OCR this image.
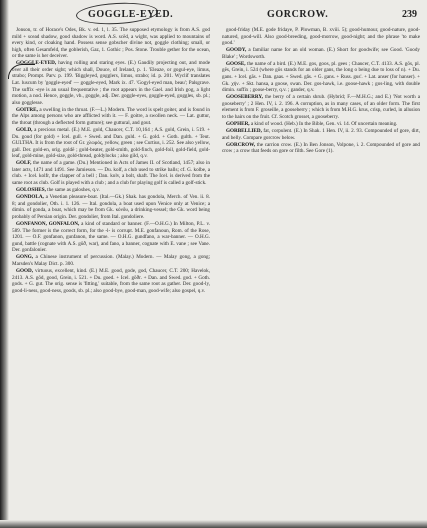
GOGGLE-EYED.	GORCROW.	239

Jonson, tr. of Horace's Odes, Bk. v. ed. 1, l. 35. The supposed etymology is from A.S. god mild + scead shadow, good shadow is word. A.S. scēd, a wight, was applied to mountains of every kind, or cloaking hand. Possess sense gobscher divine not, goggle clothing; small, or high, often Gesamfeld, the goblerish, Gaz, 1. Gothic ; Pos. Stone. Trouble gether for the ocean, or the same is her deceiver.

GOGGLE-EYED, having rolling and staring eyes. (E.) Gaudily projecting out, and mode over all their order sight; which shall, Douce, of Ireland, p. 1. 'Eleaze, or gogul-eye, limus, strabo; Prompt. Parv. p. 199. 'Biggleyed, gogglers, limus, strabo; id. p. 201. Wyclif translates Lat. luscum by 'goggle-eyed' — goggle-eyed, Mark ix. 47. 'Gogyl-eyed man, beau'; Palsgrave. The suffix -eye is an usual frequentative ; the root appears in the Gael. and Irish gog, a light motion, a nod. Hence, goggle, vb., goggle, adj. Der. goggle-eyes, goggle-eyed, goggles, sb. pl.; also gogglesse.

GOITRE, a swelling in the throat. (F.—L.) Modern. The word is spelt goiter, and is found in the Alps among persons who are afflicted with it. — F. goitre, a swollen neck. — Lat. guttur, the throat (through a deflected form gutture); see guttural, and gout.

GOLD, a precious metal. (E.) M.E. gold, Chaucer, C.T. 10,164 ; A.S. gold, Grein, i. 519. + Du. goud (for gold) + Icel. gull. + Swed. and Dan. guld. + G. gold. + Goth. gulth. + Teut. GULTHA. It is from the root of Gr. χλωρός, yellow, green ; see Curtius, i. 252. See also yellow, gall. Der. gold-en, orig. goldē ; gold-beater, gold-smith, gold-finch, gold-foil, gold-field, gold-leaf, gold-mine, gold-size, gold-thread, goldylocks ; also gild, q.v.

GOLF, the name of a game. (Du.) Mentioned in Acts of James II. of Scotland, 1457; also in later acts, 1471 and 1491. See Jamieson. — Du. kolf, a club used to strike balls; cf. G. kolbe, a club. + Icel. kolfr, the clapper of a bell ; Dan. kolv, a bolt, shaft. The Icel. is derived from the same root as club. Golf is played with a club ; and a club for playing golf is called a golf-stick.

GOLOSHES, the same as galoshes, q.v.

GONDOLA, a Venetian pleasure-boat. (Ital.—Gk.) Shak. has gondola, Merch. of Ven. ii. 8. 8; and gondolier, Oth. i. 1. 126. — Ital. gondola, a boat used upon Venice only at Venice; a dimin. of gonda, a boat, which may be from Gk. κόνδυ, a drinking-vessel; the Gk. word being probably of Persian origin. Der. gondolier, from Ital. gondoliere.

GONFANON, GONFALON, a kind of standard or banner. (F.—O.H.G.) In Milton, P.L. v. 589. The former is the correct form, for the -l- is corrupt. M.E. gonfanoun, Rom. of the Rose, 1201. — O.F. gonfanon, gunfanon, the same. — O.H.G. gundfano, a war-banner. — O.H.G. gund, battle (cognate with A.S. gūð, war), and fano, a banner, cognate with E. vane ; see Vane. Der. gonfalonier.

GONG, a Chinese instrument of percussion. (Malay.) Modern. — Malay gong, a gong; Marsden's Malay Dict. p. 300.

GOOD, virtuous, excellent, kind. (E.) M.E. good, gode, god, Chaucer, C.T. 200; Havelok, 2413. A.S. gōd, good, Grein, i. 521. + Du. goed. + Icel. gōðr. + Dan. and Swed. god. + Goth. gods. + G. gut. The orig. sense is 'fitting,' suitable, from the same root as gather. Der. good-ly, good-li-ness, good-ness, goods, sb. pl.; also good-bye, good-man, good-wife; also gospel, q.v.

good-friday (M.E. gode fridaye, P. Plowman, B. xviii. 5); good-humour, good-nature, good-natured, good-will. Also good-breeding, good-morrow, good-night; and the phrase 'to make good.'

GOODY, a familiar name for an old woman. (E.) Short for goodwife; see Good. 'Goody Blake' ; Wordsworth.

GOOSE, the name of a bird. (E.) M.E. gos, goos, pl. gees ; Chaucer, C.T. 4133. A.S. gōs, pl. gēs, Grein, i. 524 (where gōs stands for an older gans, the long o being due to loss of n). + Du. gans. + Icel. gās. + Dan. gaas. + Swed. gås. + G. gans. + Russ. gus'. + Lat. anser (for hanser). + Gk. χήν. + Skt. hansa, a goose, swan. Der. gos-hawk, i.e. goose-hawk ; gos-ling, with double dimin. suffix ; goose-berry, q.v. ; gander, q.v.

GOOSEBERRY, the berry of a certain shrub. (Hybrid; F.—M.H.G.; and E.) 'Not worth a gooseberry' ; 2 Hen. IV, i. 2. 196. A corruption, as in many cases, of an older form. The first element is from F. groseille, a gooseberry ; which is from M.H.G. krus, crisp, curled, in allusion to the hairs on the fruit. Cf. Scotch grosset, a gooseberry.

GOPHER, a kind of wood. (Heb.) In the Bible, Gen. vi. 14. Of uncertain meaning.

GORBELLIED, fat, corpulent. (E.) In Shak. 1 Hen. IV, ii. 2. 93. Compounded of gore, dirt, and belly. Compare gorcrow below.

GORCROW, the carrion crow. (E.) In Ben Jonson, Volpone, i. 2. Compounded of gore and crow ; a crow that feeds on gore or filth. See Gore (1).
